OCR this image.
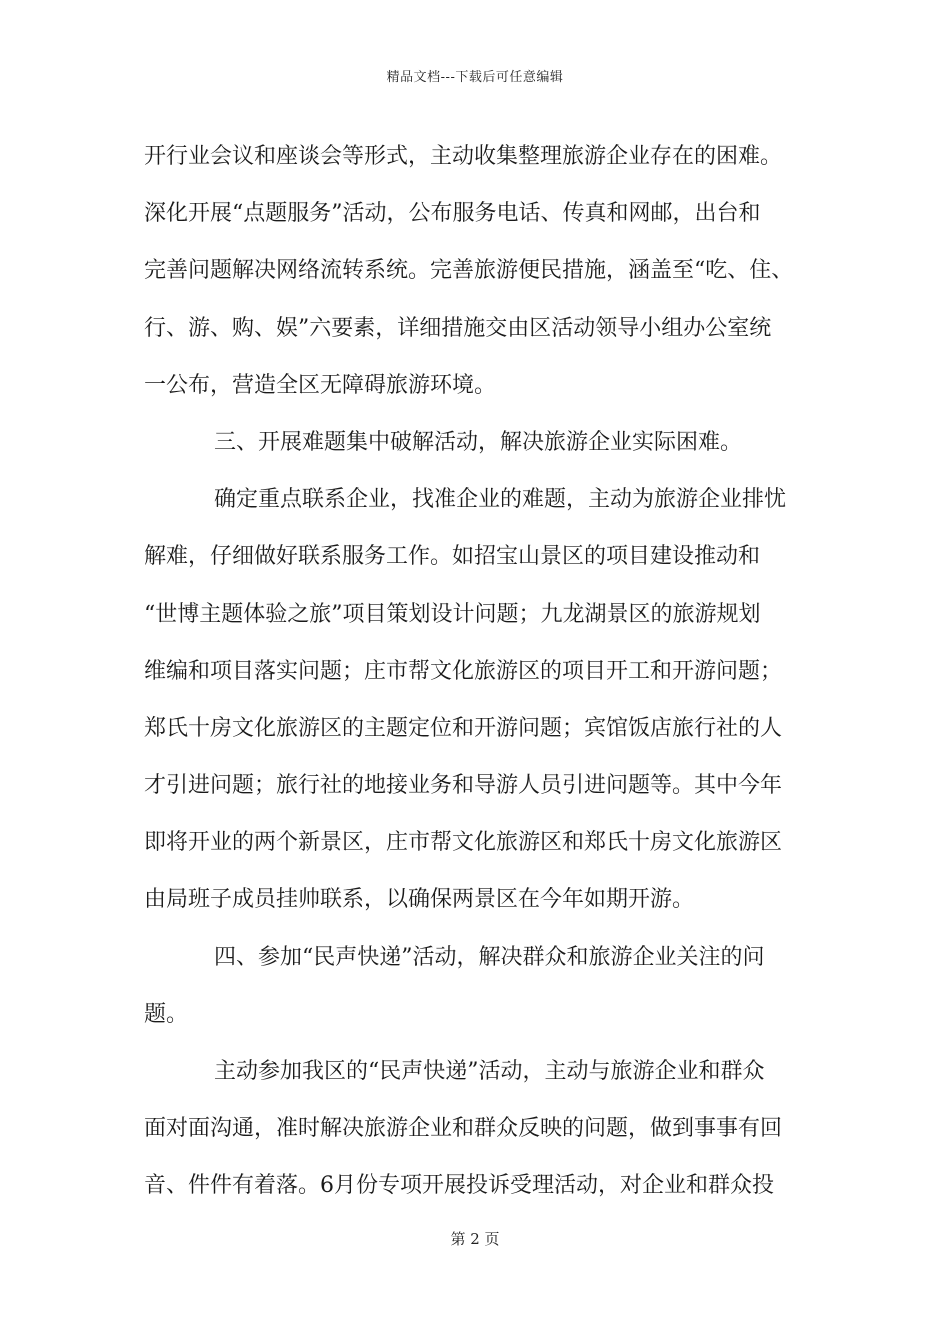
精品文档---下载后可任意编辑
开行业会议和座谈会等形式，主动收集整理旅游企业存在的困难。
深化开展“点题服务”活动，公布服务电话、传真和网邮，出台和
完善问题解决网络流转系统。完善旅游便民措施，涵盖至“吃、住、
行、游、购、娱”六要素，详细措施交由区活动领导小组办公室统
一公布，营造全区无障碍旅游环境。
三、开展难题集中破解活动，解决旅游企业实际困难。
确定重点联系企业，找准企业的难题，主动为旅游企业排忧
解难，仔细做好联系服务工作。如招宝山景区的项目建设推动和
“世博主题体验之旅”项目策划设计问题；九龙湖景区的旅游规划
维编和项目落实问题；庄市帮文化旅游区的项目开工和开游问题；
郑氏十房文化旅游区的主题定位和开游问题；宾馆饭店旅行社的人
才引进问题；旅行社的地接业务和导游人员引进问题等。其中今年
即将开业的两个新景区，庄市帮文化旅游区和郑氏十房文化旅游区
由局班子成员挂帅联系，以确保两景区在今年如期开游。
四、参加“民声快递”活动，解决群众和旅游企业关注的问
题。
主动参加我区的“民声快递”活动，主动与旅游企业和群众
面对面沟通，准时解决旅游企业和群众反映的问题，做到事事有回
音、件件有着落。6月份专项开展投诉受理活动，对企业和群众投
第 2 页
